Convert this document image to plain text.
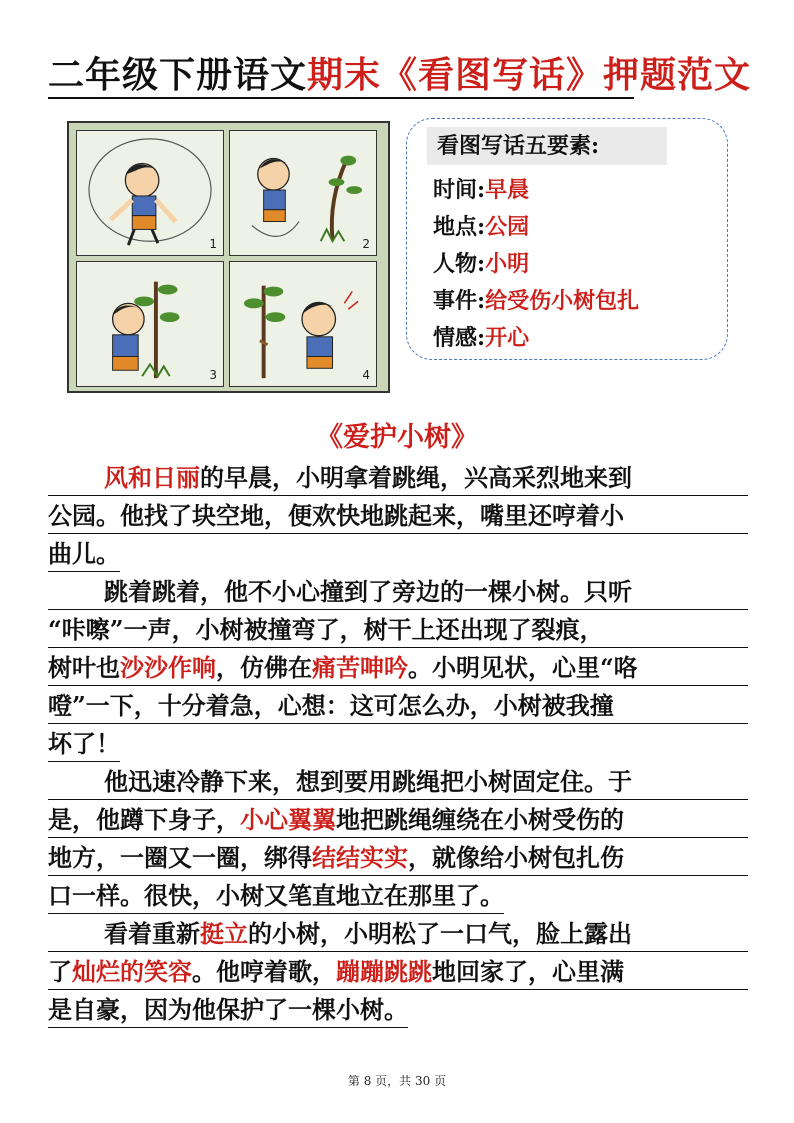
二年级下册语文期末《看图写话》押题范文
1	2
3	4
看图写话五要素:
时间:早晨
地点:公园
人物:小明
事件:给受伤小树包扎
情感:开心
《爱护小树》
风和日丽的早晨，小明拿着跳绳，兴高采烈地来到
公园。他找了块空地，便欢快地跳起来，嘴里还哼着小
曲儿。
跳着跳着，他不小心撞到了旁边的一棵小树。只听
“咔嚓”一声，小树被撞弯了，树干上还出现了裂痕，
树叶也沙沙作响，仿佛在痛苦呻吟。小明见状，心里“咯
噔”一下，十分着急，心想：这可怎么办，小树被我撞
坏了！
他迅速冷静下来，想到要用跳绳把小树固定住。于
是，他蹲下身子，小心翼翼地把跳绳缠绕在小树受伤的
地方，一圈又一圈，绑得结结实实，就像给小树包扎伤
口一样。很快，小树又笔直地立在那里了。
看着重新挺立的小树，小明松了一口气，脸上露出
了灿烂的笑容。他哼着歌，蹦蹦跳跳地回家了，心里满
是自豪，因为他保护了一棵小树。
第 8 页，共 30 页
